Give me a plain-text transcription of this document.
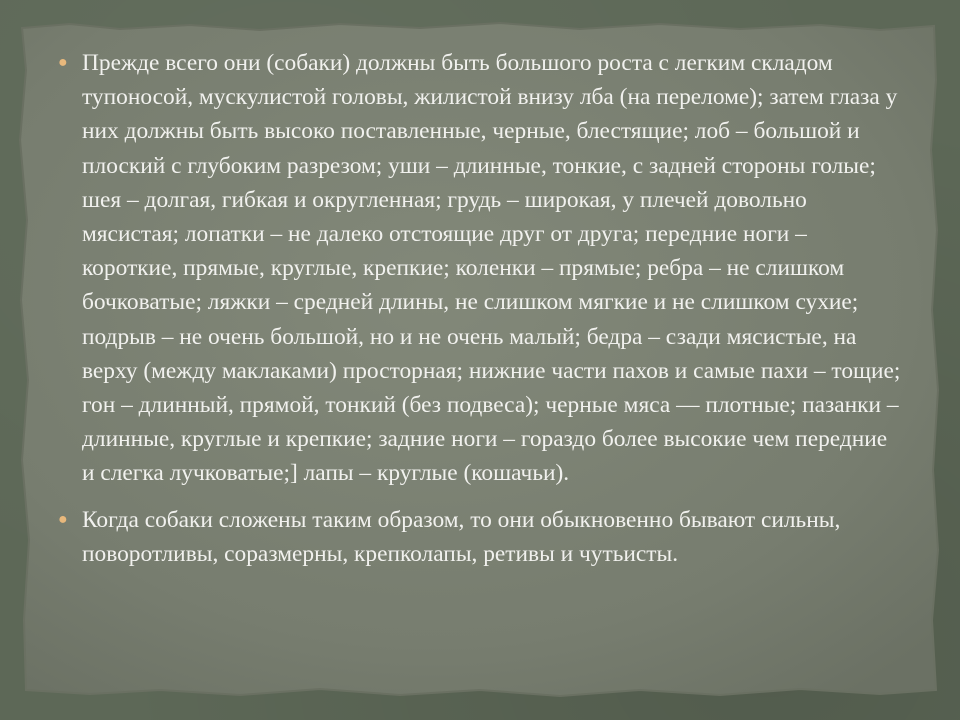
● Прежде всего они (собаки) должны быть большого роста с легким складом тупоносой, мускулистой головы, жилистой внизу лба (на переломе); затем глаза у них должны быть высоко поставленные, черные, блестящие; лоб – большой и плоский с глубоким разрезом; уши – длинные, тонкие, с задней стороны голые; шея – долгая, гибкая и округленная; грудь – широкая, у плечей довольно мясистая; лопатки – не далеко отстоящие друг от друга; передние ноги – короткие, прямые, круглые, крепкие; коленки – прямые; ребра – не слишком бочковатые; ляжки – средней длины, не слишком мягкие и не слишком сухие; подрыв – не очень большой, но и не очень малый; бедра – сзади мясистые, на верху (между маклаками) просторная; нижние части пахов и самые пахи – тощие; гон – длинный, прямой, тонкий (без подвеса); черные мяса — плотные; пазанки – длинные, круглые и крепкие; задние ноги – гораздо более высокие чем передние и слегка лучковатые;] лапы – круглые (кошачьи).

● Когда собаки сложены таким образом, то они обыкновенно бывают сильны, поворотливы, соразмерны, крепколапы, ретивы и чутьисты.
